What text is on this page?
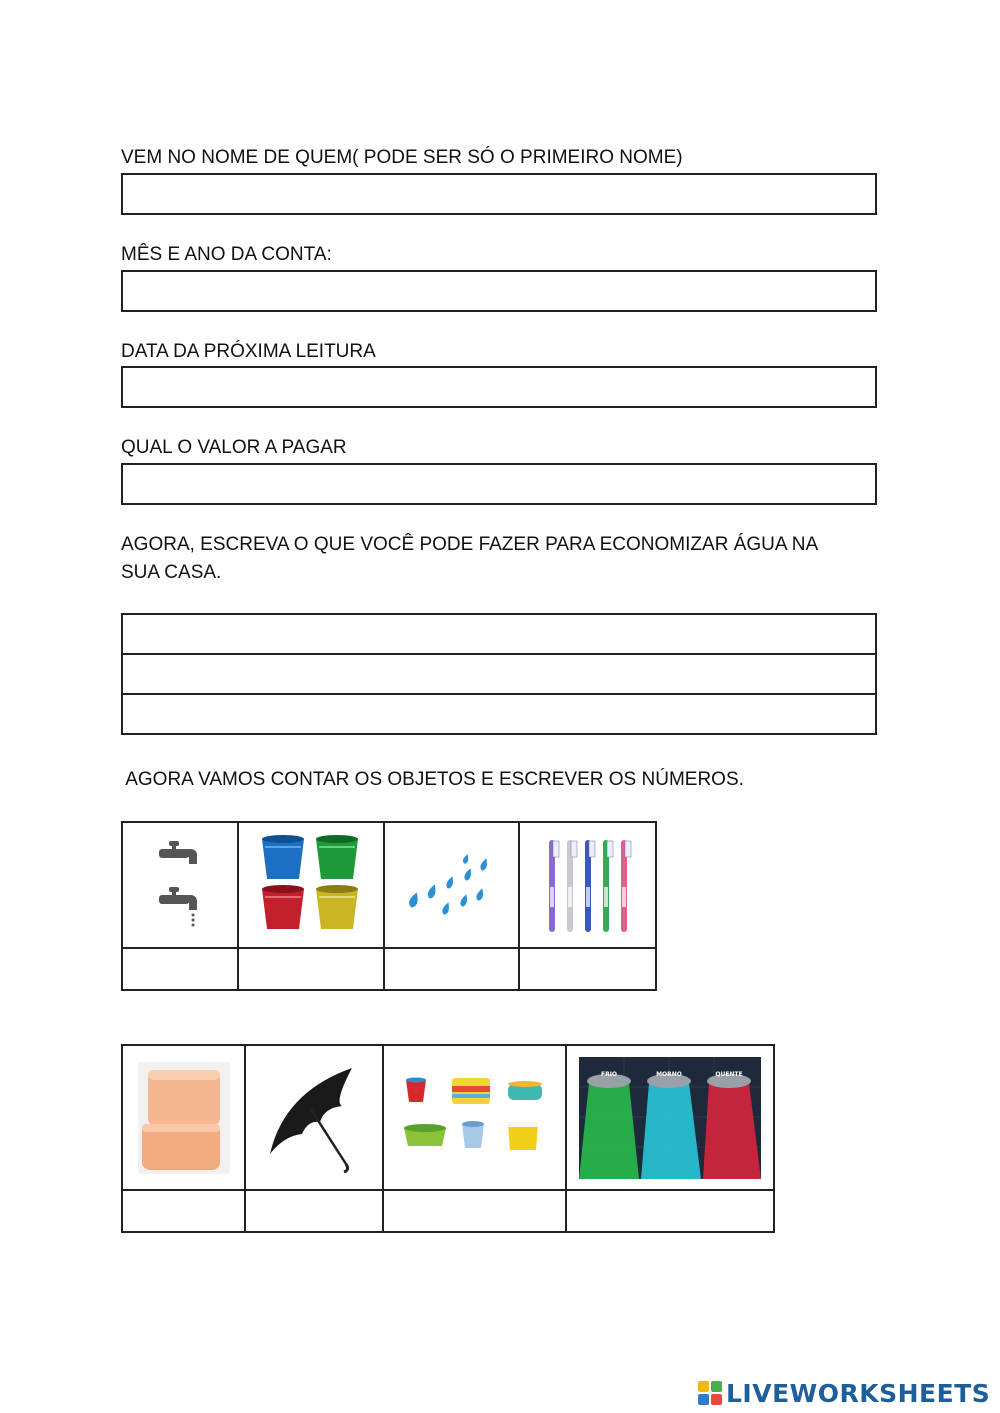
VEM NO NOME DE QUEM( PODE SER SÓ O PRIMEIRO NOME)
MÊS E ANO DA CONTA:
DATA DA PRÓXIMA LEITURA
QUAL O VALOR A PAGAR
AGORA, ESCREVA O QUE VOCÊ PODE FAZER PARA ECONOMIZAR ÁGUA NA
SUA CASA.

AGORA VAMOS CONTAR OS OBJETOS E ESCREVER OS NÚMEROS.

FRIO MORNO QUENTE

LIVEWORKSHEETS
